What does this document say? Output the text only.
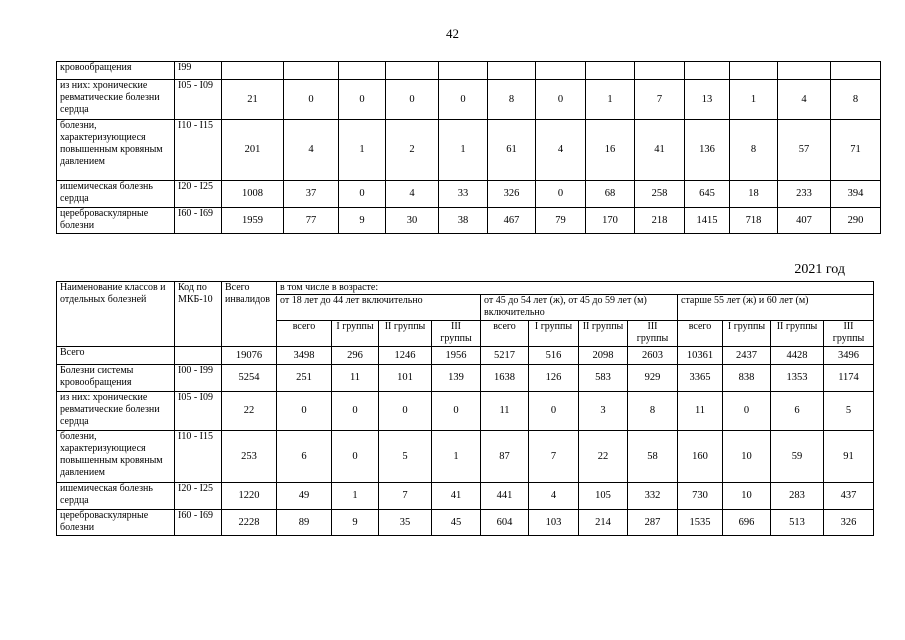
42
кровообращения	I99													
из них: хронические ревматические болезни сердца	I05 - I09	21	0	0	0	0	8	0	1	7	13	1	4	8
болезни, характеризующиеся повышенным кровяным давлением	I10 - I15	201	4	1	2	1	61	4	16	41	136	8	57	71
ишемическая болезнь сердца	I20 - I25	1008	37	0	4	33	326	0	68	258	645	18	233	394
цереброваскулярные болезни	I60 - I69	1959	77	9	30	38	467	79	170	218	1415	718	407	290
2021 год
Наименование классов и отдельных болезней	Код по МКБ-10	Всего инвалидов	в том числе в возрасте:											
			от 18 лет до 44 лет включительно				от 45 до 54 лет (ж), от 45 до 59 лет (м) включительно				старше 55 лет (ж) и 60 лет (м)			
			всего	I группы	II группы	III группы	всего	I группы	II группы	III группы	всего	I группы	II группы	III группы
Всего		19076	3498	296	1246	1956	5217	516	2098	2603	10361	2437	4428	3496
Болезни системы кровообращения	I00 - I99	5254	251	11	101	139	1638	126	583	929	3365	838	1353	1174
из них: хронические ревматические болезни сердца	I05 - I09	22	0	0	0	0	11	0	3	8	11	0	6	5
болезни, характеризующиеся повышенным кровяным давлением	I10 - I15	253	6	0	5	1	87	7	22	58	160	10	59	91
ишемическая болезнь сердца	I20 - I25	1220	49	1	7	41	441	4	105	332	730	10	283	437
цереброваскулярные болезни	I60 - I69	2228	89	9	35	45	604	103	214	287	1535	696	513	326
